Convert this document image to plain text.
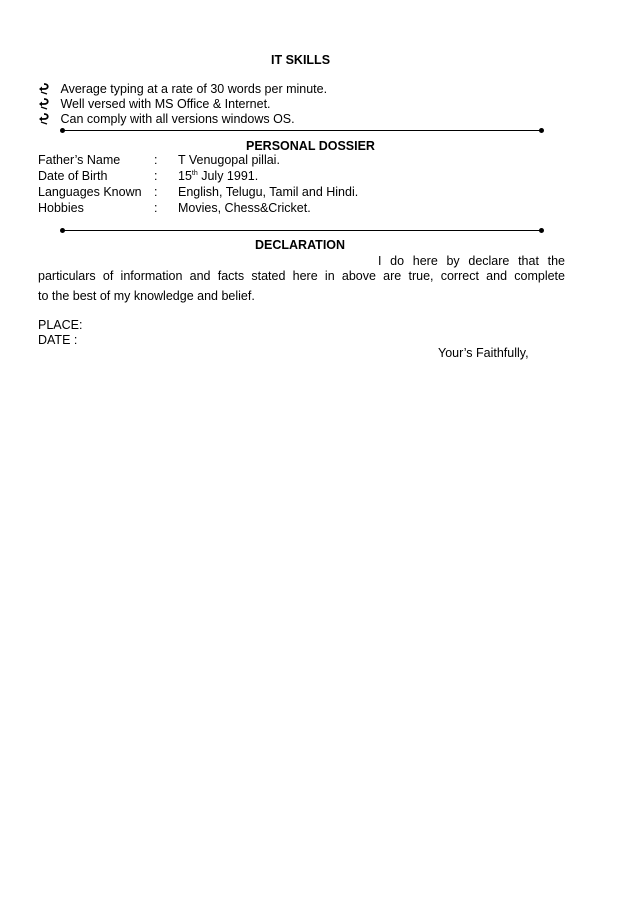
IT SKILLS
Average typing at a rate of 30 words per minute.
Well versed with MS Office & Internet.
Can comply with all versions windows OS.
PERSONAL DOSSIER
Father’s Name	: T Venugopal pillai.
Date of Birth	: 15th July 1991.
Languages Known : English, Telugu, Tamil and Hindi.
Hobbies	: Movies, Chess&Cricket.
DECLARATION
I do here by declare that the
particulars of information and facts stated here in above are true, correct and complete
to the best of my knowledge and belief.
PLACE:
DATE :
Your’s Faithfully,
